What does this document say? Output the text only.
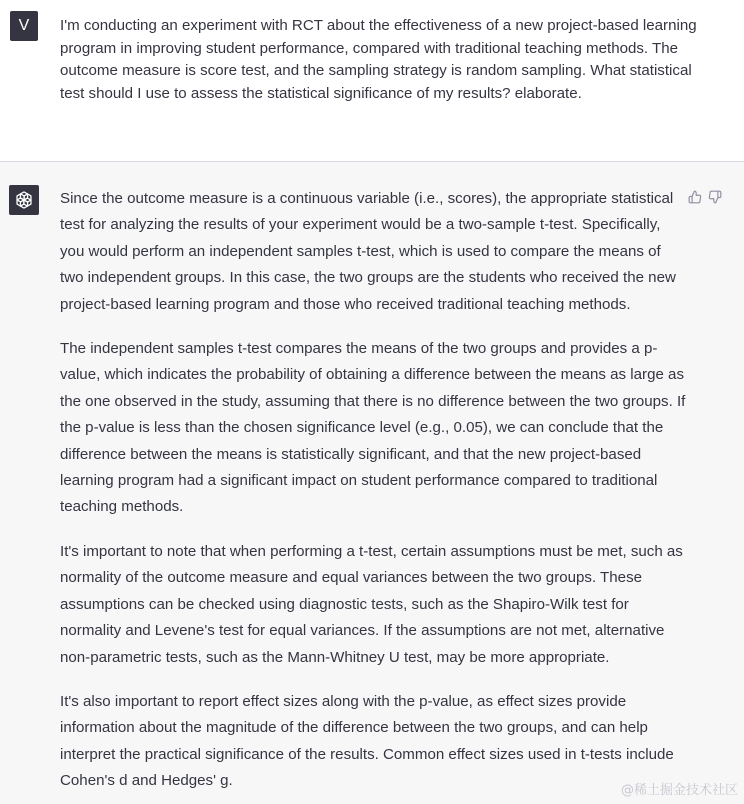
V	I'm conducting an experiment with RCT about the effectiveness of a new project-based learning program in improving student performance, compared with traditional teaching methods. The outcome measure is score test, and the sampling strategy is random sampling. What statistical test should I use to assess the statistical significance of my results? elaborate.

Since the outcome measure is a continuous variable (i.e., scores), the appropriate statistical test for analyzing the results of your experiment would be a two-sample t-test. Specifically, you would perform an independent samples t-test, which is used to compare the means of two independent groups. In this case, the two groups are the students who received the new project-based learning program and those who received traditional teaching methods.

The independent samples t-test compares the means of the two groups and provides a p-value, which indicates the probability of obtaining a difference between the means as large as the one observed in the study, assuming that there is no difference between the two groups. If the p-value is less than the chosen significance level (e.g., 0.05), we can conclude that the difference between the means is statistically significant, and that the new project-based learning program had a significant impact on student performance compared to traditional teaching methods.

It's important to note that when performing a t-test, certain assumptions must be met, such as normality of the outcome measure and equal variances between the two groups. These assumptions can be checked using diagnostic tests, such as the Shapiro-Wilk test for normality and Levene's test for equal variances. If the assumptions are not met, alternative non-parametric tests, such as the Mann-Whitney U test, may be more appropriate.

It's also important to report effect sizes along with the p-value, as effect sizes provide information about the magnitude of the difference between the two groups, and can help interpret the practical significance of the results. Common effect sizes used in t-tests include Cohen's d and Hedges' g.

@稀土掘金技术社区
